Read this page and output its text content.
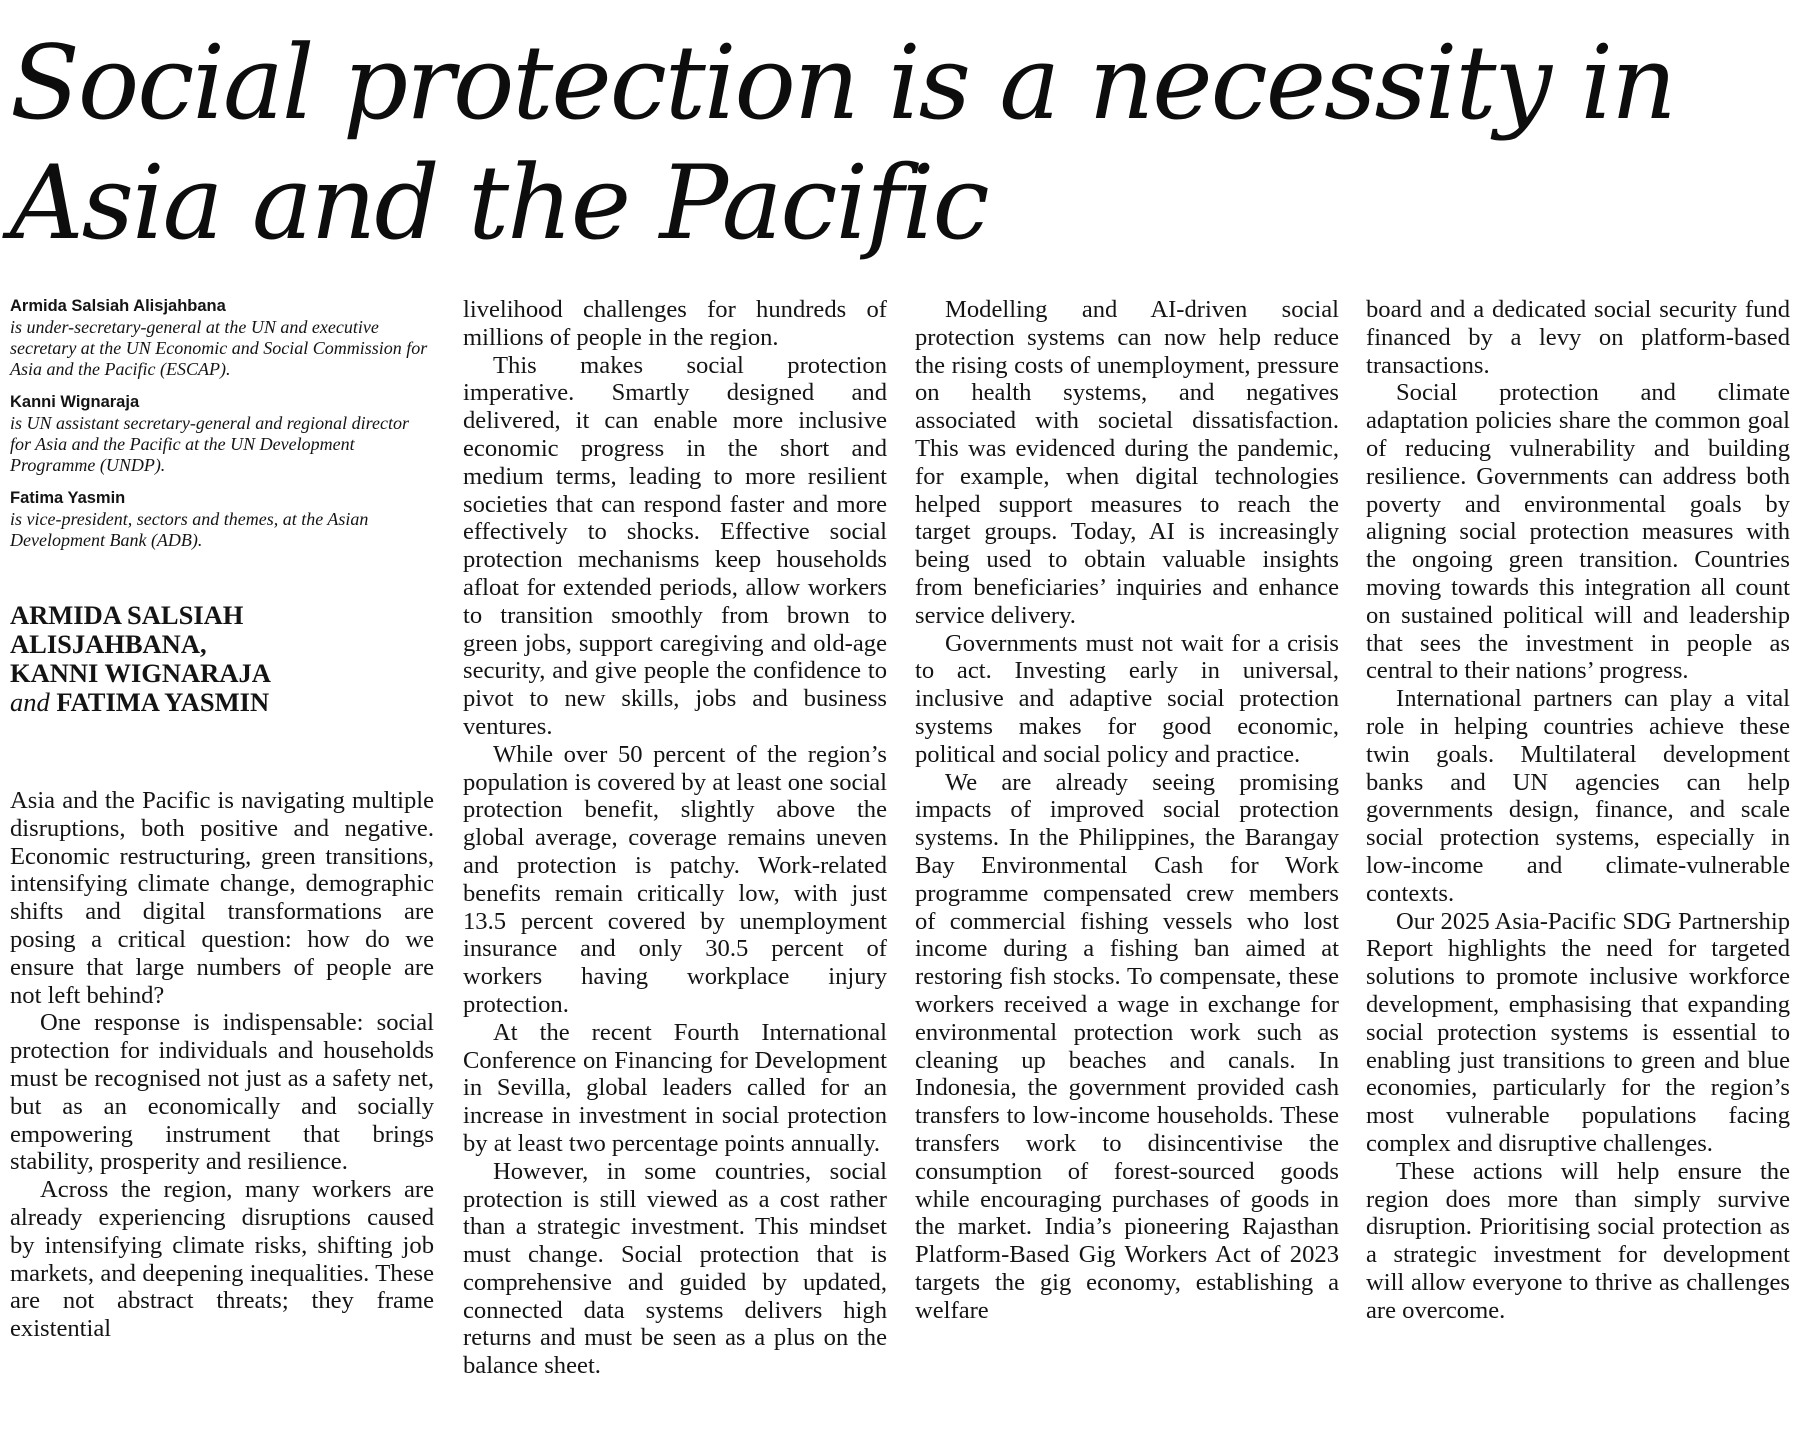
Social protection is a necessity in Asia and the Pacific
Armida Salsiah Alisjahbana
is under-secretary-general at the UN and executive secretary at the UN Economic and Social Commission for Asia and the Pacific (ESCAP).
Kanni Wignaraja
is UN assistant secretary-general and regional director for Asia and the Pacific at the UN Development Programme (UNDP).
Fatima Yasmin
is vice-president, sectors and themes, at the Asian Development Bank (ADB).
ARMIDA SALSIAH
ALISJAHBANA,
KANNI WIGNARAJA
and FATIMA YASMIN

Asia and the Pacific is navigating multiple disruptions, both positive and negative. Economic restructuring, green transitions, intensifying climate change, demographic shifts and digital transformations are posing a critical question: how do we ensure that large numbers of people are not left behind?

One response is indispensable: social protection for individuals and households must be recognised not just as a safety net, but as an economically and socially empowering instrument that brings stability, prosperity and resilience.

Across the region, many workers are already experiencing disruptions caused by intensifying climate risks, shifting job markets, and deepening inequalities. These are not abstract threats; they frame existential

livelihood challenges for hundreds of millions of people in the region.

This makes social protection imperative. Smartly designed and delivered, it can enable more inclusive economic progress in the short and medium terms, leading to more resilient societies that can respond faster and more effectively to shocks. Effective social protection mechanisms keep households afloat for extended periods, allow workers to transition smoothly from brown to green jobs, support caregiving and old-age security, and give people the confidence to pivot to new skills, jobs and business ventures.

While over 50 percent of the region’s population is covered by at least one social protection benefit, slightly above the global average, coverage remains uneven and protection is patchy. Work-related benefits remain critically low, with just 13.5 percent covered by unemployment insurance and only 30.5 percent of workers having workplace injury protection.

At the recent Fourth International Conference on Financing for Development in Sevilla, global leaders called for an increase in investment in social protection by at least two percentage points annually.

However, in some countries, social protection is still viewed as a cost rather than a strategic investment. This mindset must change. Social protection that is comprehensive and guided by updated, connected data systems delivers high returns and must be seen as a plus on the balance sheet.

Modelling and AI-driven social protection systems can now help reduce the rising costs of unemployment, pressure on health systems, and negatives associated with societal dissatisfaction. This was evidenced during the pandemic, for example, when digital technologies helped support measures to reach the target groups. Today, AI is increasingly being used to obtain valuable insights from beneficiaries’ inquiries and enhance service delivery.

Governments must not wait for a crisis to act. Investing early in universal, inclusive and adaptive social protection systems makes for good economic, political and social policy and practice.

We are already seeing promising impacts of improved social protection systems. In the Philippines, the Barangay Bay Environmental Cash for Work programme compensated crew members of commercial fishing vessels who lost income during a fishing ban aimed at restoring fish stocks. To compensate, these workers received a wage in exchange for environmental protection work such as cleaning up beaches and canals. In Indonesia, the government provided cash transfers to low-income households. These transfers work to disincentivise the consumption of forest-sourced goods while encouraging purchases of goods in the market. India’s pioneering Rajasthan Platform-Based Gig Workers Act of 2023 targets the gig economy, establishing a welfare

board and a dedicated social security fund financed by a levy on platform-based transactions.

Social protection and climate adaptation policies share the common goal of reducing vulnerability and building resilience. Governments can address both poverty and environmental goals by aligning social protection measures with the ongoing green transition. Countries moving towards this integration all count on sustained political will and leadership that sees the investment in people as central to their nations’ progress.

International partners can play a vital role in helping countries achieve these twin goals. Multilateral development banks and UN agencies can help governments design, finance, and scale social protection systems, especially in low-income and climate-vulnerable contexts.

Our 2025 Asia-Pacific SDG Partnership Report highlights the need for targeted solutions to promote inclusive workforce development, emphasising that expanding social protection systems is essential to enabling just transitions to green and blue economies, particularly for the region’s most vulnerable populations facing complex and disruptive challenges.

These actions will help ensure the region does more than simply survive disruption. Prioritising social protection as a strategic investment for development will allow everyone to thrive as challenges are overcome.
